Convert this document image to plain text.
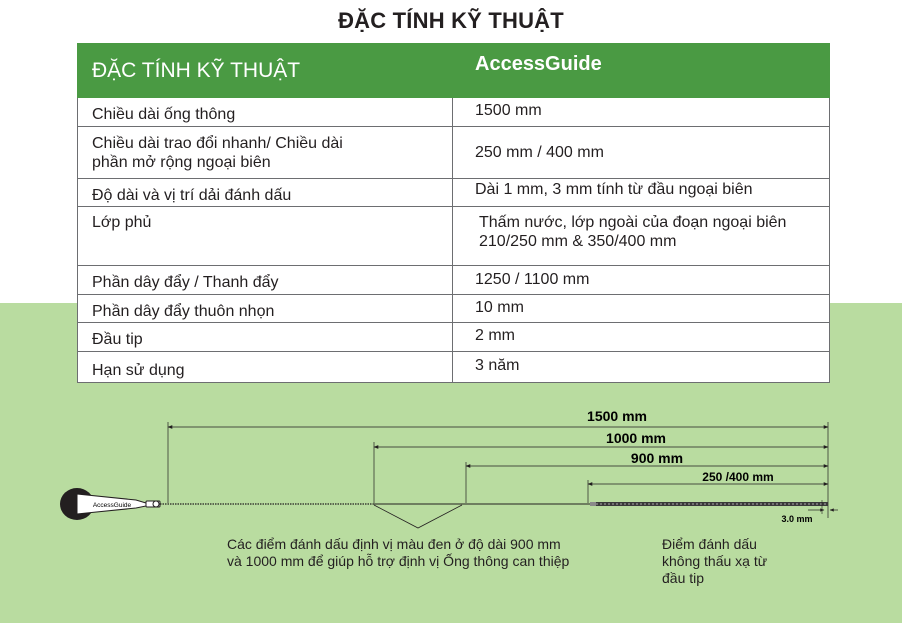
ĐẶC TÍNH KỸ THUẬT
ĐẶC TÍNH KỸ THUẬT	AccessGuide
Chiều dài ống thông	1500 mm
Chiều dài trao đổi nhanh/ Chiều dài phần mở rộng ngoại biên	250 mm / 400 mm
Độ dài và vị trí dải đánh dấu	Dài 1 mm, 3 mm tính từ đầu ngoại biên
Lớp phủ	Thấm nước, lớp ngoài của đoạn ngoại biên 210/250 mm & 350/400 mm
Phần dây đẩy / Thanh đẩy	1250 / 1100 mm
Phần dây đẩy thuôn nhọn	10 mm
Đầu tip	2 mm
Hạn sử dụng	3 năm
1500 mm
1000 mm
900 mm
250 /400 mm
AccessGuide
3.0 mm
Các điểm đánh dấu định vị màu đen ở độ dài 900 mm và 1000 mm để giúp hỗ trợ định vị Ống thông can thiệp
Điểm đánh dấu không thấu xạ từ đầu tip
